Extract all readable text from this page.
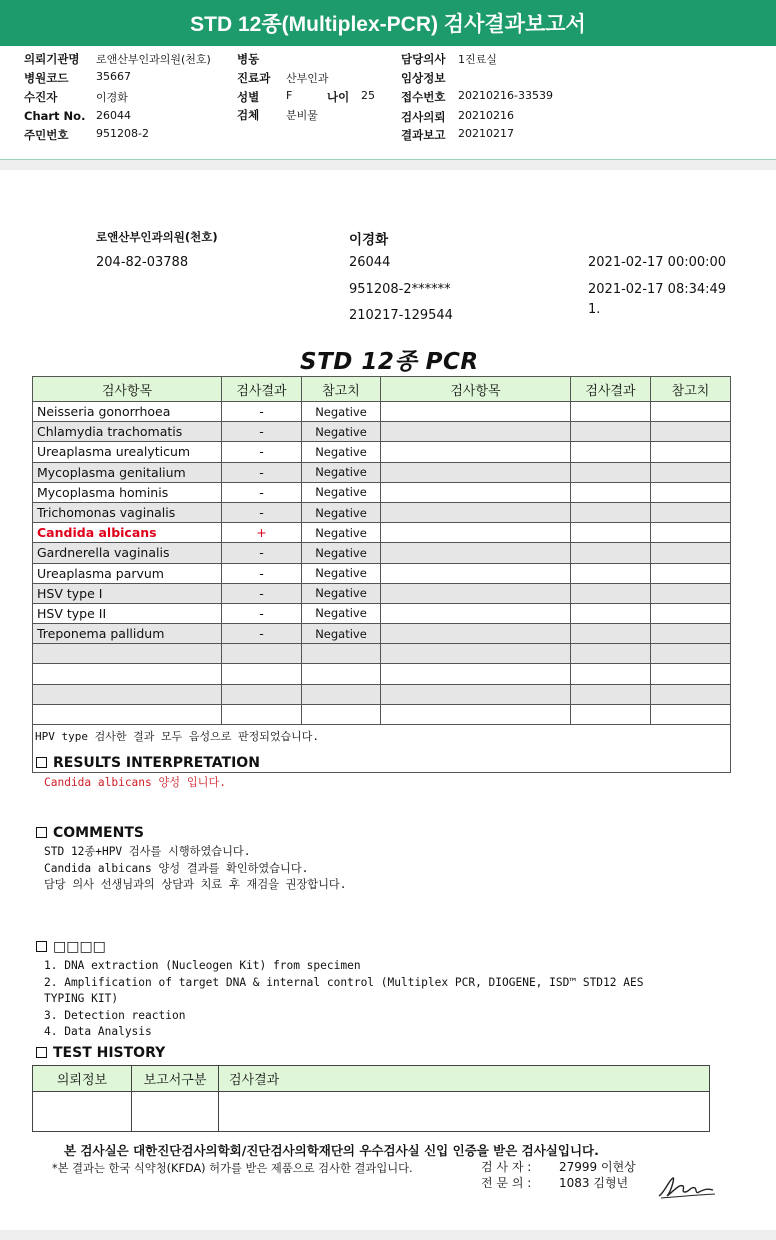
STD 12종(Multiplex-PCR) 검사결과보고서
의뢰기관명 로앤산부인과의원(천호) 병동	담당의사 1진료실
병원코드	35667	진료과 산부인과	임상정보
수진자	이경화	성별 F	나이 25 접수번호 20210216-33539
Chart No. 26044	검체 분비물	검사의뢰 20210216
주민번호	951208-2	결과보고 20210217
로앤산부인과의원(천호)
204-82-03788
이경화
26044
951208-2******
210217-129544
2021-02-17 00:00:00
2021-02-17 08:34:49
1.
STD 12종 PCR
검사항목	검사결과	참고치	검사항목	검사결과	참고치
Neisseria gonorrhoea	-	Negative			
Chlamydia trachomatis	-	Negative			
Ureaplasma urealyticum	-	Negative			
Mycoplasma genitalium	-	Negative			
Mycoplasma hominis	-	Negative			
Trichomonas vaginalis	-	Negative			
Candida albicans	+	Negative			
Gardnerella vaginalis	-	Negative			
Ureaplasma parvum	-	Negative			
HSV type I	-	Negative			
HSV type II	-	Negative			
Treponema pallidum	-	Negative			

HPV type 검사한 결과 모두 음성으로 판정되었습니다.					
RESULTS INTERPRETATION
Candida albicans 양성 입니다.
COMMENTS
STD 12종+HPV 검사를 시행하였습니다.
Candida albicans 양성 결과를 확인하였습니다.
담당 의사 선생님과의 상담과 치료 후 재검을 권장합니다.
□□□□
1. DNA extraction (Nucleogen Kit) from specimen
2. Amplification of target DNA & internal control (Multiplex PCR, DIOGENE, ISD™ STD12 AES
TYPING KIT)
3. Detection reaction
4. Data Analysis
TEST HISTORY
의뢰정보	보고서구분	검사결과

본 검사실은 대한진단검사의학회/진단검사의학재단의 우수검사실 신입 인증을 받은 검사실입니다.
*본 결과는 한국 식약청(KFDA) 허가를 받은 제품으로 검사한 결과입니다.	검 사 자 : 27999 이현상
전 문 의 : 1083 김형년
